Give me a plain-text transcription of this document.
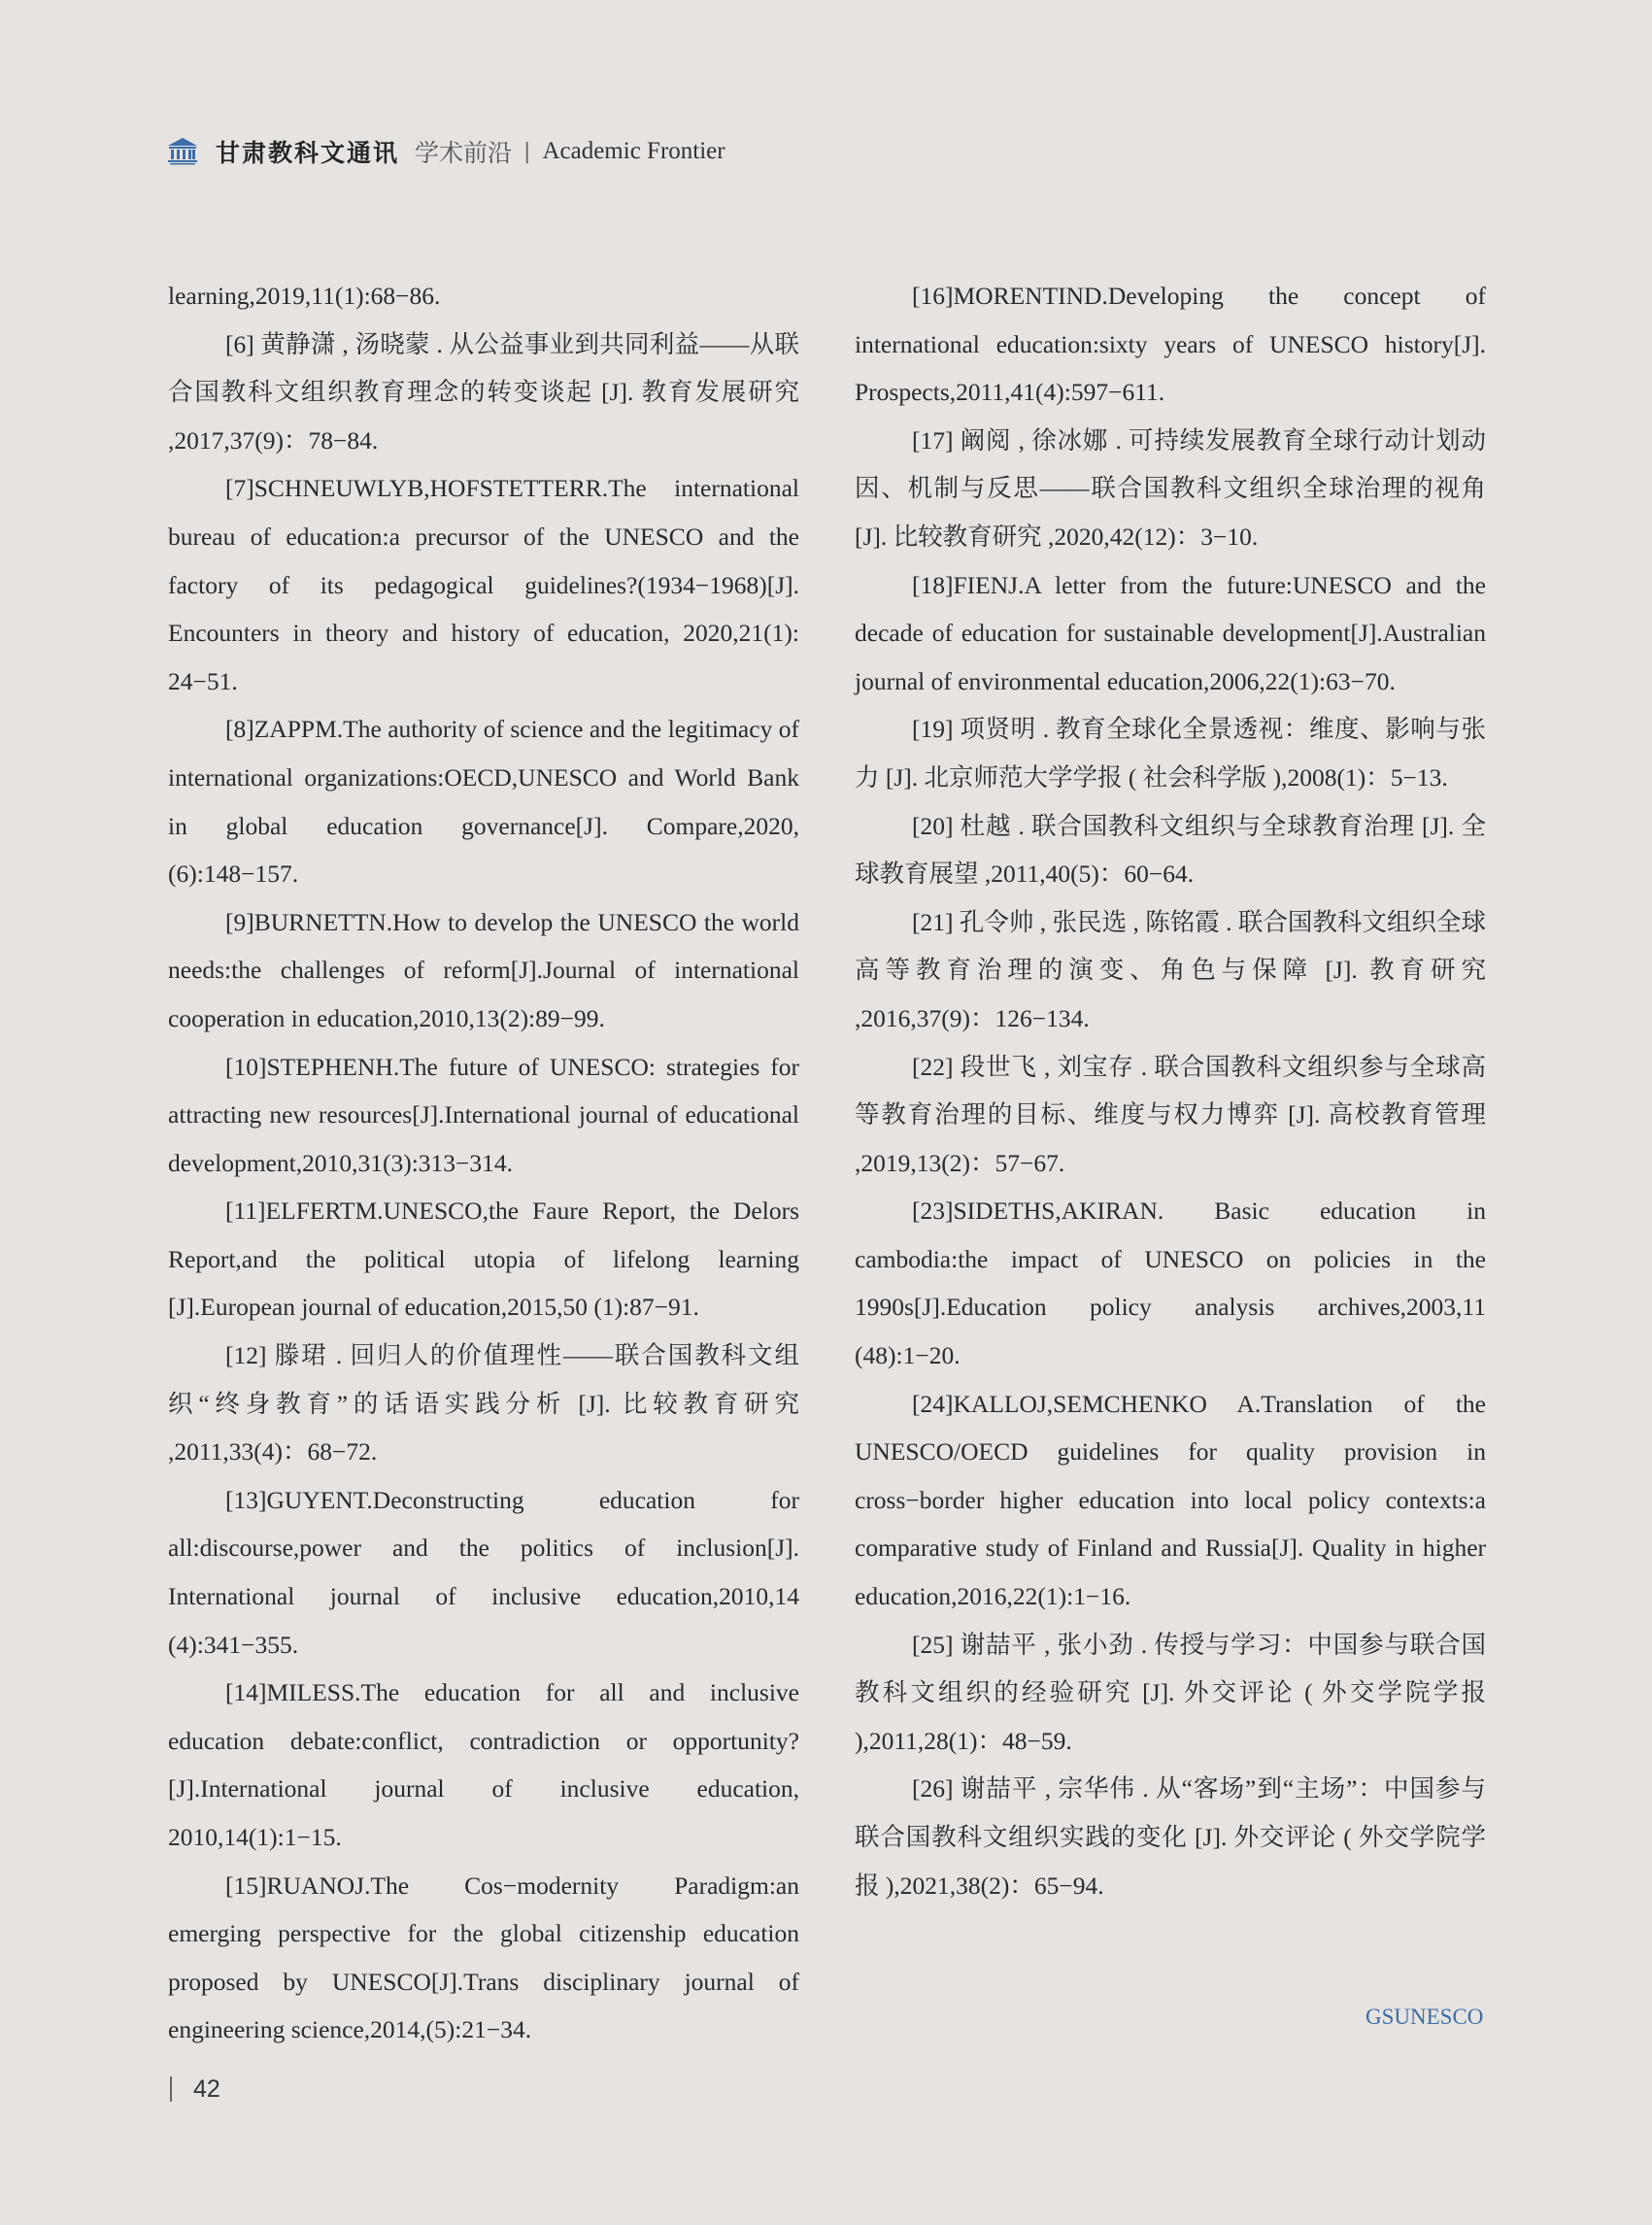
甘肃教科文通讯 学术前沿 | Academic Frontier

learning,2019,11(1):68−86.

[6] 黄静潇 , 汤晓蒙 . 从公益事业到共同利益——从联合国教科文组织教育理念的转变谈起 [J]. 教育发展研究 ,2017,37(9)：78−84.

[7]SCHNEUWLYB,HOFSTETTERR.The international bureau of education:a precursor of the UNESCO and the factory of its pedagogical guidelines?(1934−1968)[J]. Encounters in theory and history of education, 2020,21(1): 24−51.

[8]ZAPPM.The authority of science and the legitimacy of international organizations:OECD,UNESCO and World Bank in global education governance[J]. Compare,2020,(6):148−157.

[9]BURNETTN.How to develop the UNESCO the world needs:the challenges of reform[J].Journal of international cooperation in education,2010,13(2):89−99.

[10]STEPHENH.The future of UNESCO: strategies for attracting new resources[J].International journal of educational development,2010,31(3):313−314.

[11]ELFERTM.UNESCO,the Faure Report, the Delors Report,and the political utopia of lifelong learning [J].European journal of education,2015,50 (1):87−91.

[12] 滕珺 . 回归人的价值理性——联合国教科文组织“终身教育”的话语实践分析 [J]. 比较教育研究 ,2011,33(4)：68−72.

[13]GUYENT.Deconstructing education for all:discourse,power and the politics of inclusion[J]. International journal of inclusive education,2010,14 (4):341−355.

[14]MILESS.The education for all and inclusive education debate:conflict, contradiction or opportunity?[J].International journal of inclusive education, 2010,14(1):1−15.

[15]RUANOJ.The Cos−modernity Paradigm:an emerging perspective for the global citizenship education proposed by UNESCO[J].Trans disciplinary journal of engineering science,2014,(5):21−34.

[16]MORENTIND.Developing the concept of international education:sixty years of UNESCO history[J]. Prospects,2011,41(4):597−611.

[17] 阚阅 , 徐冰娜 . 可持续发展教育全球行动计划动因、机制与反思——联合国教科文组织全球治理的视角 [J]. 比较教育研究 ,2020,42(12)：3−10.

[18]FIENJ.A letter from the future:UNESCO and the decade of education for sustainable development[J].Australian journal of environmental education,2006,22(1):63−70.

[19] 项贤明 . 教育全球化全景透视：维度、影响与张力 [J]. 北京师范大学学报 ( 社会科学版 ),2008(1)：5−13.

[20] 杜越 . 联合国教科文组织与全球教育治理 [J]. 全球教育展望 ,2011,40(5)：60−64.

[21] 孔令帅 , 张民选 , 陈铭霞 . 联合国教科文组织全球高等教育治理的演变、角色与保障 [J]. 教育研究 ,2016,37(9)：126−134.

[22] 段世飞 , 刘宝存 . 联合国教科文组织参与全球高等教育治理的目标、维度与权力博弈 [J]. 高校教育管理 ,2019,13(2)：57−67.

[23]SIDETHS,AKIRAN. Basic education in cambodia:the impact of UNESCO on policies in the 1990s[J].Education policy analysis archives,2003,11 (48):1−20.

[24]KALLOJ,SEMCHENKO A.Translation of the UNESCO/OECD guidelines for quality provision in cross−border higher education into local policy contexts:a comparative study of Finland and Russia[J]. Quality in higher education,2016,22(1):1−16.

[25] 谢喆平 , 张小劲 . 传授与学习：中国参与联合国教科文组织的经验研究 [J]. 外交评论 ( 外交学院学报 ),2011,28(1)：48−59.

[26] 谢喆平 , 宗华伟 . 从“客场”到“主场”：中国参与联合国教科文组织实践的变化 [J]. 外交评论 ( 外交学院学报 ),2021,38(2)：65−94.

GSUNESCO
42
